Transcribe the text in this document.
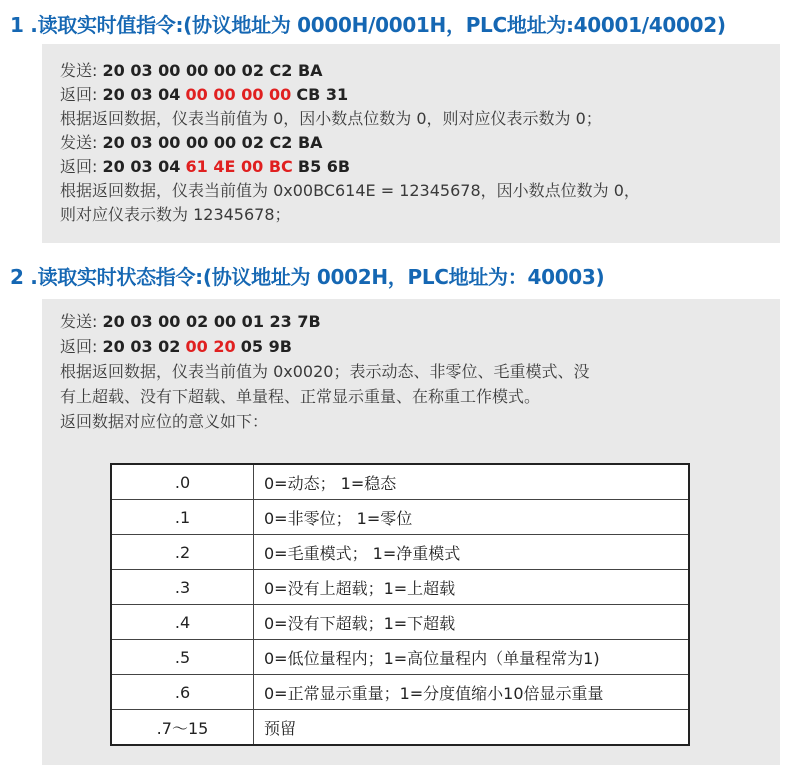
1 .读取实时值指令:(协议地址为 0000H/0001H，PLC地址为:40001/40002)
发送: 20 03 00 00 00 02 C2 BA
返回: 20 03 04 00 00 00 00 CB 31
根据返回数据，仪表当前值为 0，因小数点位数为 0，则对应仪表示数为 0；
发送: 20 03 00 00 00 02 C2 BA
返回: 20 03 04 61 4E 00 BC B5 6B
根据返回数据，仪表当前值为 0x00BC614E = 12345678，因小数点位数为 0，
则对应仪表示数为 12345678；
2 .读取实时状态指令:(协议地址为 0002H，PLC地址为：40003)
发送: 20 03 00 02 00 01 23 7B
返回: 20 03 02 00 20 05 9B
根据返回数据，仪表当前值为 0x0020；表示动态、非零位、毛重模式、没
有上超载、没有下超载、单量程、正常显示重量、在称重工作模式。
返回数据对应位的意义如下：
.0	0=动态； 1=稳态
.1	0=非零位； 1=零位
.2	0=毛重模式； 1=净重模式
.3	0=没有上超载；1=上超载
.4	0=没有下超载；1=下超载
.5	0=低位量程内；1=高位量程内（单量程常为1)
.6	0=正常显示重量；1=分度值缩小10倍显示重量
.7～15	预留
